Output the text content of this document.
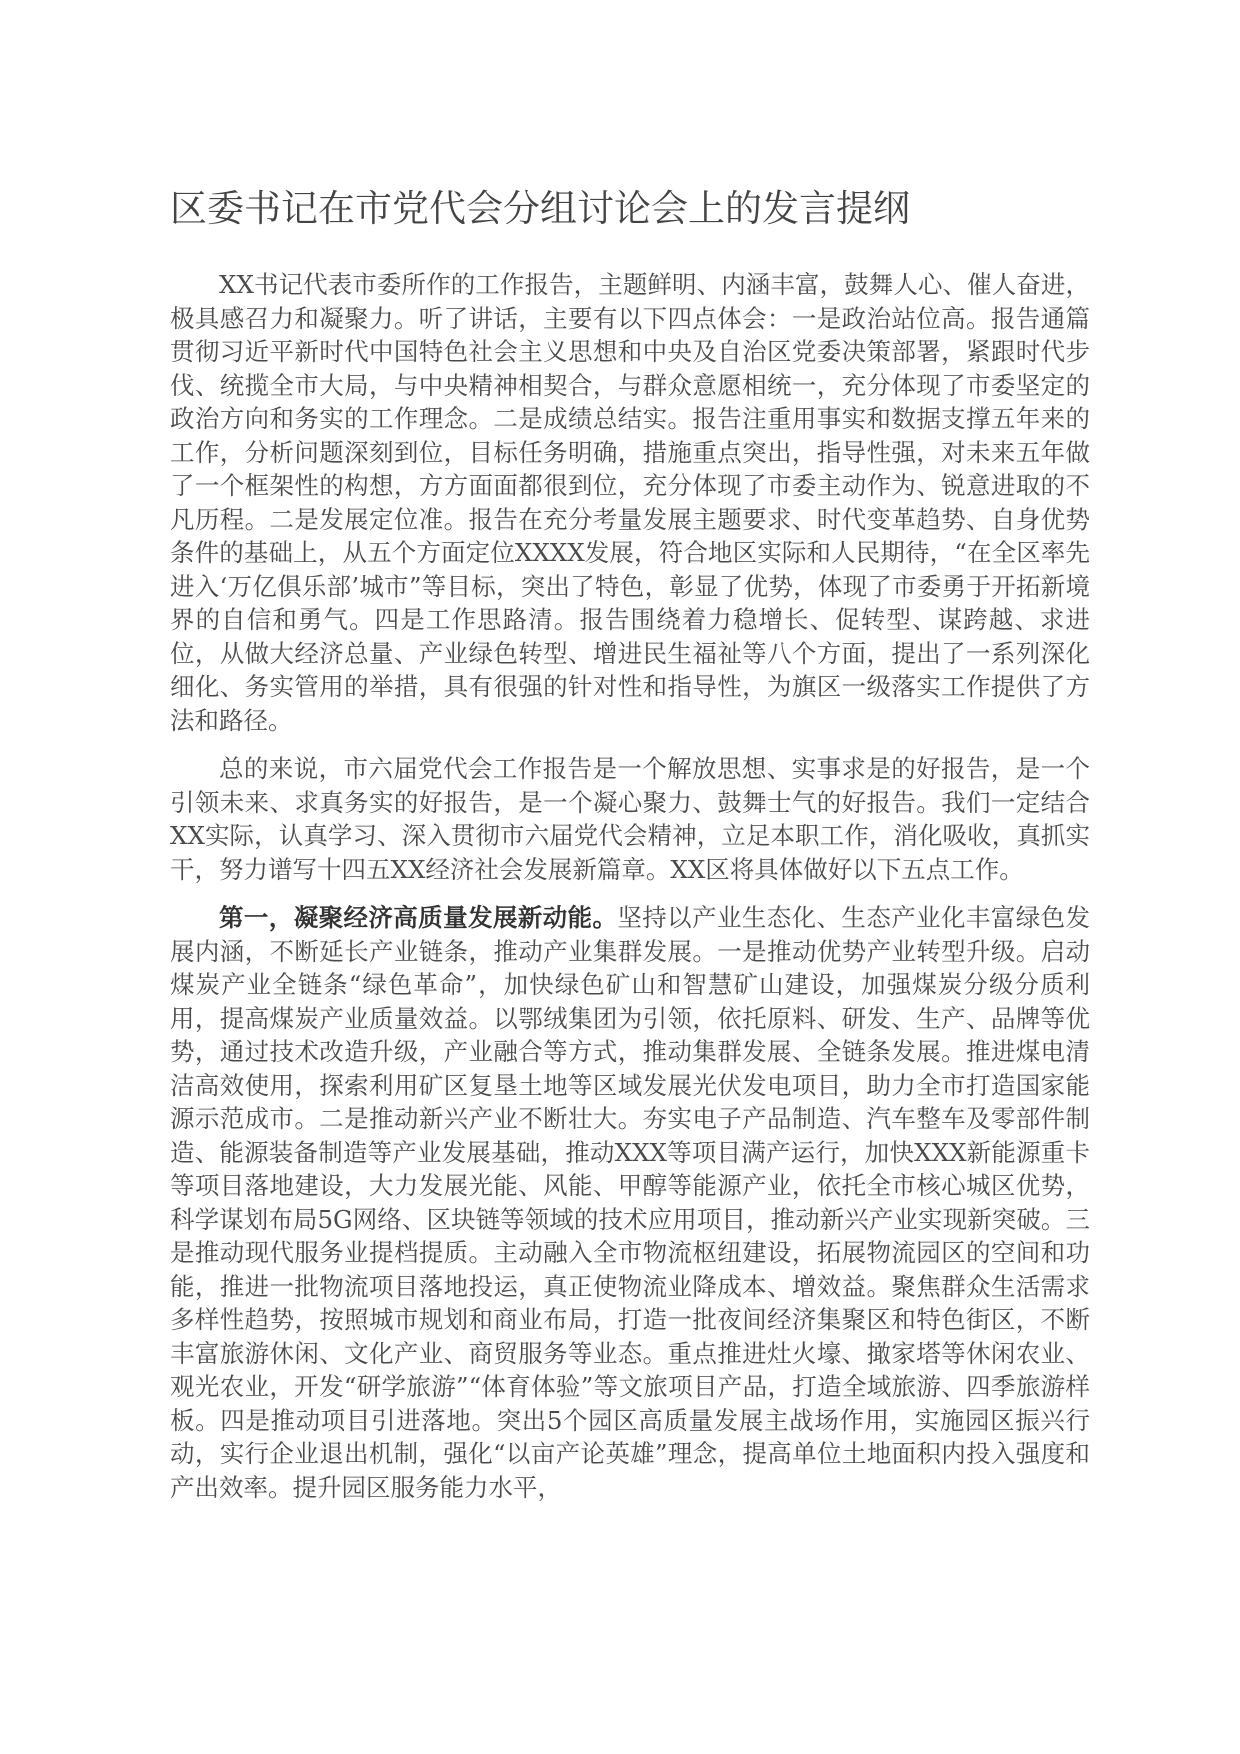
区委书记在市党代会分组讨论会上的发言提纲

XX书记代表市委所作的工作报告，主题鲜明、内涵丰富，鼓舞人心、催人奋进，极具感召力和凝聚力。听了讲话，主要有以下四点体会：一是政治站位高。报告通篇贯彻习近平新时代中国特色社会主义思想和中央及自治区党委决策部署，紧跟时代步伐、统揽全市大局，与中央精神相契合，与群众意愿相统一，充分体现了市委坚定的政治方向和务实的工作理念。二是成绩总结实。报告注重用事实和数据支撑五年来的工作，分析问题深刻到位，目标任务明确，措施重点突出，指导性强，对未来五年做了一个框架性的构想，方方面面都很到位，充分体现了市委主动作为、锐意进取的不凡历程。二是发展定位准。报告在充分考量发展主题要求、时代变革趋势、自身优势条件的基础上，从五个方面定位XXXX发展，符合地区实际和人民期待，“在全区率先进入‘万亿俱乐部’城市”等目标，突出了特色，彰显了优势，体现了市委勇于开拓新境界的自信和勇气。四是工作思路清。报告围绕着力稳增长、促转型、谋跨越、求进位，从做大经济总量、产业绿色转型、增进民生福祉等八个方面，提出了一系列深化细化、务实管用的举措，具有很强的针对性和指导性，为旗区一级落实工作提供了方法和路径。

总的来说，市六届党代会工作报告是一个解放思想、实事求是的好报告，是一个引领未来、求真务实的好报告，是一个凝心聚力、鼓舞士气的好报告。我们一定结合XX实际，认真学习、深入贯彻市六届党代会精神，立足本职工作，消化吸收，真抓实干，努力谱写十四五XX经济社会发展新篇章。XX区将具体做好以下五点工作。

第一，凝聚经济高质量发展新动能。坚持以产业生态化、生态产业化丰富绿色发展内涵，不断延长产业链条，推动产业集群发展。一是推动优势产业转型升级。启动煤炭产业全链条“绿色革命”，加快绿色矿山和智慧矿山建设，加强煤炭分级分质利用，提高煤炭产业质量效益。以鄂绒集团为引领，依托原料、研发、生产、品牌等优势，通过技术改造升级，产业融合等方式，推动集群发展、全链条发展。推进煤电清洁高效使用，探索利用矿区复垦土地等区域发展光伏发电项目，助力全市打造国家能源示范成市。二是推动新兴产业不断壮大。夯实电子产品制造、汽车整车及零部件制造、能源装备制造等产业发展基础，推动XXX等项目满产运行，加快XXX新能源重卡等项目落地建设，大力发展光能、风能、甲醇等能源产业，依托全市核心城区优势，科学谋划布局5G网络、区块链等领域的技术应用项目，推动新兴产业实现新突破。三是推动现代服务业提档提质。主动融入全市物流枢纽建设，拓展物流园区的空间和功能，推进一批物流项目落地投运，真正使物流业降成本、增效益。聚焦群众生活需求多样性趋势，按照城市规划和商业布局，打造一批夜间经济集聚区和特色街区，不断丰富旅游休闲、文化产业、商贸服务等业态。重点推进灶火壕、撖家塔等休闲农业、观光农业，开发“研学旅游”“体育体验”等文旅项目产品，打造全域旅游、四季旅游样板。四是推动项目引进落地。突出5个园区高质量发展主战场作用，实施园区振兴行动，实行企业退出机制，强化“以亩产论英雄”理念，提高单位土地面积内投入强度和产出效率。提升园区服务能力水平，
